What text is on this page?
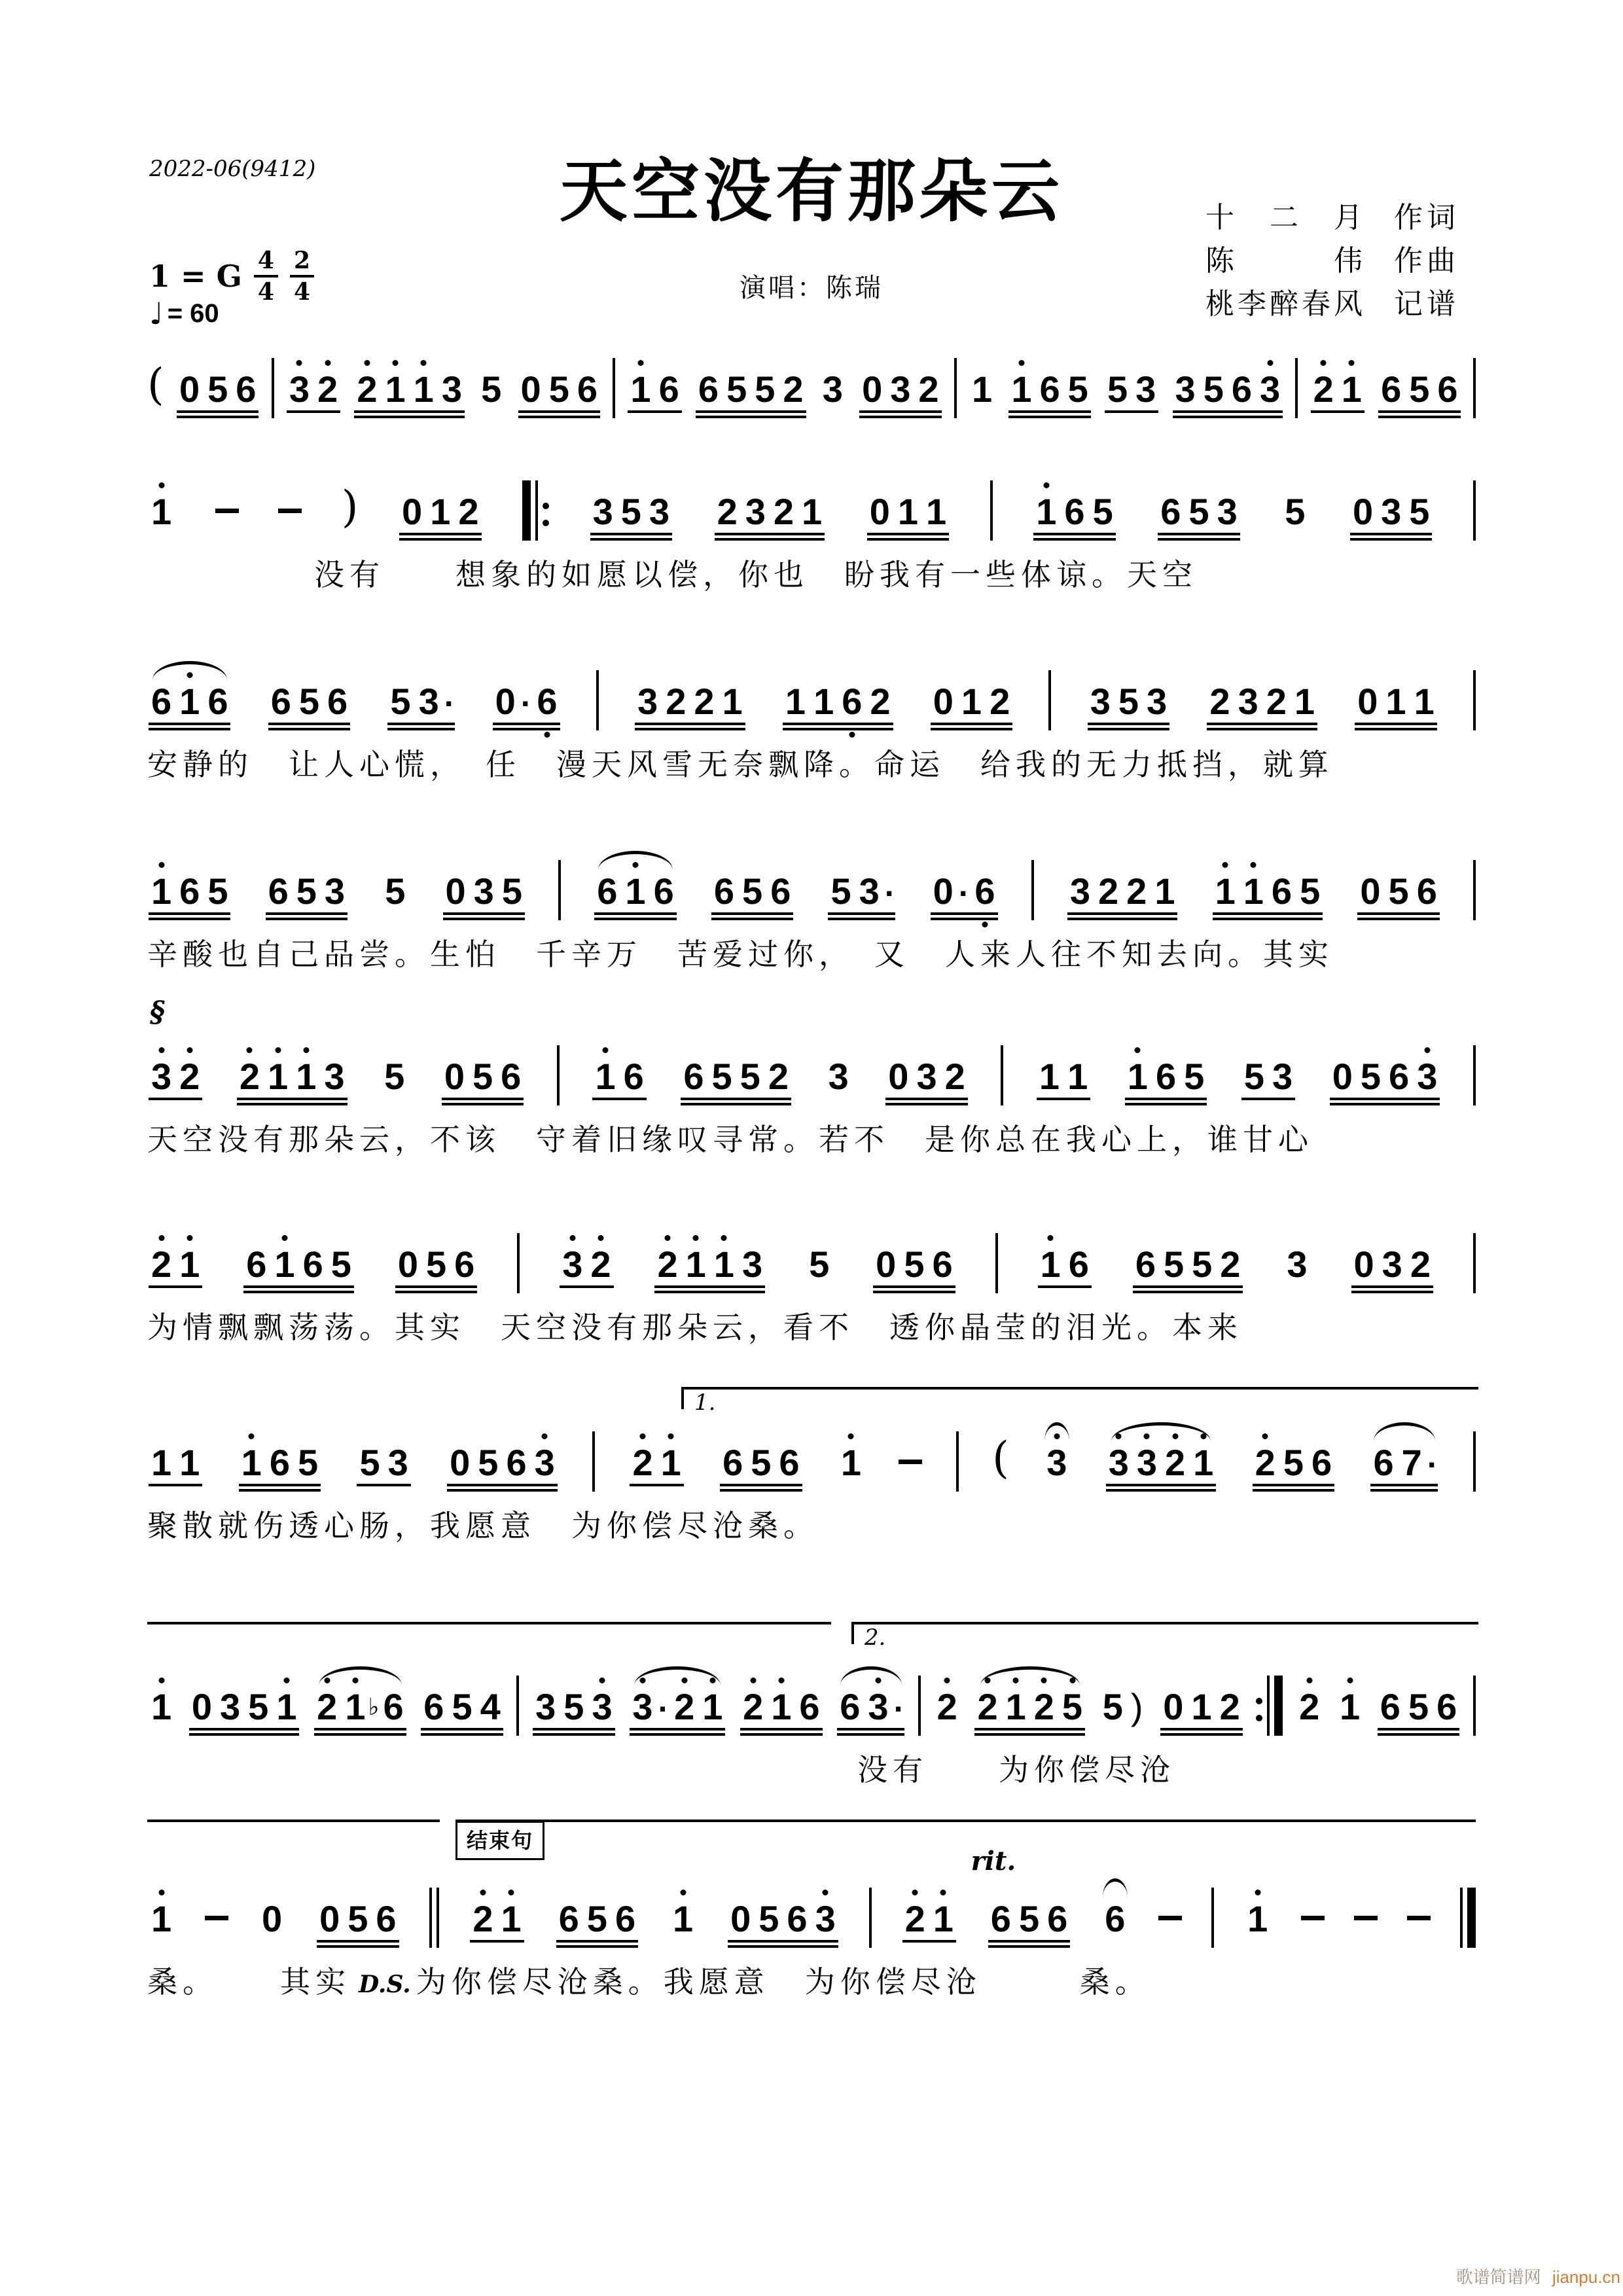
2022-06(9412)	天空没有那朵云
演唱：陈瑞
十二月 作词
陈伟 作曲
桃李醉春风 记谱
1 = G $\frac{4}{4} \frac{2}{4}$
♩ = 60
( 0 5 6 3 2 2 1 1 3 5 0 5 6 1 6 6 5 5 2 3 0 3 2 1 1 6 5 5 3 3 5 6 3 2 1 6 5 6
1	) 0 1 2	3 5 3 2 3 2 1 0 1 1 1 6 5 6 5 3 5 0 3 5
没有　　想象的如愿以偿，你也　盼我有一些体谅。天空
6 1 6 6 5 6 5 3 · 0 · 6 3 2 2 1 1 1 6 2 0 1 2 3 5 3 2 3 2 1 0 1 1
安静的　让人心慌，　任　漫天风雪无奈飘降。命运　给我的无力抵挡，就算
1 6 5 6 5 3 5 0 3 5 6 1 6 6 5 6 5 3 · 0 · 6 3 2 2 1 1 1 6 5 0 5 6
辛酸也自己品尝。生怕　千辛万　苦爱过你，　又　人来人往不知去向。其实
§
3 2 2 1 1 3 5 0 5 6 1 6 6 5 5 2 3 0 3 2 1 1 1 6 5 5 3 0 5 6 3
天空没有那朵云，不该　守着旧缘叹寻常。若不　是你总在我心上，谁甘心
2 1 6 1 6 5 0 5 6 3 2 2 1 1 3 5 0 5 6 1 6 6 5 5 2 3 0 3 2
为情飘飘荡荡。其实　天空没有那朵云，看不　透你晶莹的泪光。本来
1.
1 1 1 6 5 5 3 0 5 6 3 2 1 6 5 6 1	( 3 3 3 2 1 2 5 6 6 7 ·
聚散就伤透心肠，我愿意　为你偿尽沧桑。
2.
1 0 3 5 1 2 1 ♭ 6 6 5 4 3 5 3 3 · 2 1 2 1 6 6 3 · 2 2 1 2 5 5 ) 0 1 2 2 1 6 5 6
没有　　为你偿尽沧
结束句
rit.
1 0 0 5 6 2 1 6 5 6 1 0 5 6 3 2 1 6 5 6 6	1
桑。 其实 D.S. 为你偿尽沧桑。我愿意　为你偿尽沧	桑。
歌谱简谱网 jianpu.cn
